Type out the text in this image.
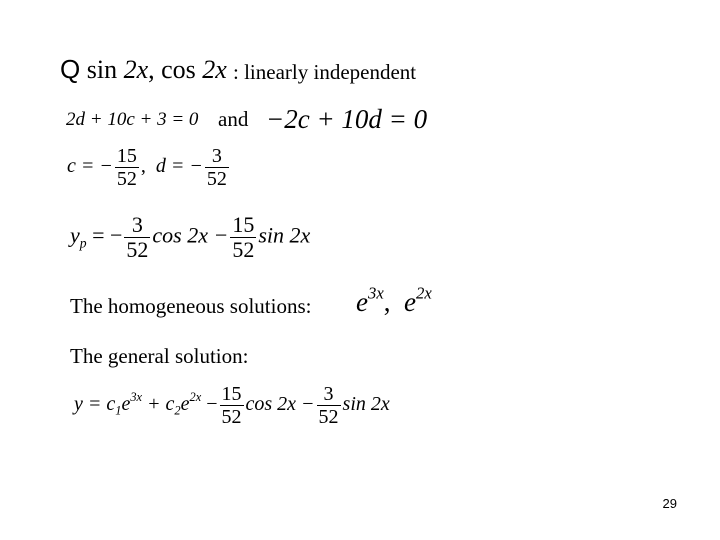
Q sin 2x, cos 2x : linearly independent
2d + 10c + 3 = 0 and −2c + 10d = 0
c = − $\frac{15}{52}$ , d = − $\frac{3}{52}$
$y_p$ = − $\frac{3}{52}$ $\cos 2x - \frac{15}{52}$ sin 2x
The homogeneous solutions: $e^{3x}$, $e^{2x}$
The general solution:
$y = c_1e^{3x} + c_2e^{2x} - \frac{15}{52}$ $\cos 2x - \frac{3}{52}$ sin 2x
29
